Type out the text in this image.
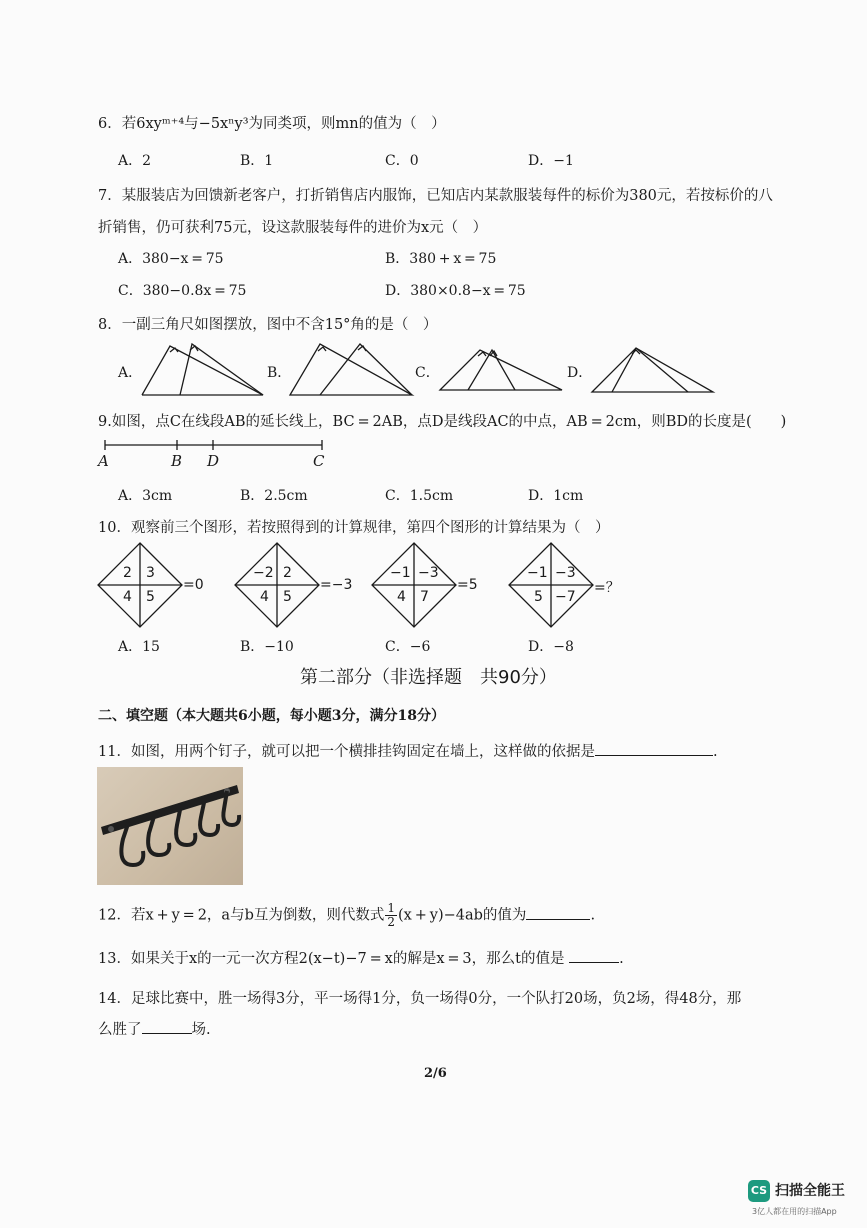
6．若6xyᵐ⁺⁴与−5xⁿy³为同类项，则mn的值为（　）
A．2	B．1	C．0	D．−1
7．某服装店为回馈新老客户，打折销售店内服饰，已知店内某款服装每件的标价为380元，若按标价的八
折销售，仍可获利75元，设这款服装每件的进价为x元（　）
A．380−x = 75	B．380 + x = 75
C．380−0.8x = 75	D．380×0.8−x = 75
8．一副三角尺如图摆放，图中不含15°角的是（　）
A．	B．	C．	D．
9.如图，点C在线段AB的延长线上，BC = 2AB，点D是线段AC的中点，AB = 2cm，则BD的长度是(　　)
A	B D	C
A．3cm	B．2.5cm	C．1.5cm	D．1cm
10．观察前三个图形，若按照得到的计算规律，第四个图形的计算结果为（　）
2 3
4 5
=0
−2 2
4 5
=−3
−1 −3
4 7
=5
−1 −3
5 −7
=？
A．15	B．−10	C．−6	D．−8
第二部分（非选择题　共90分）
二、填空题（本大题共6小题，每小题3分，满分18分）
11．如图，用两个钉子，就可以把一个横排挂钩固定在墙上，这样做的依据是	.
12．若x + y = 2，a与b互为倒数，则代数式 $\frac{1}{2} (x + y)-4ab$的值为	.
13．如果关于x的一元一次方程2(x−t)−7 = x的解是x = 3，那么t的值是	.
14．足球比赛中，胜一场得3分，平一场得1分，负一场得0分，一个队打20场，负2场，得48分，那
么胜了	场.
2/6
CS 扫描全能王
3亿人都在用的扫描App
